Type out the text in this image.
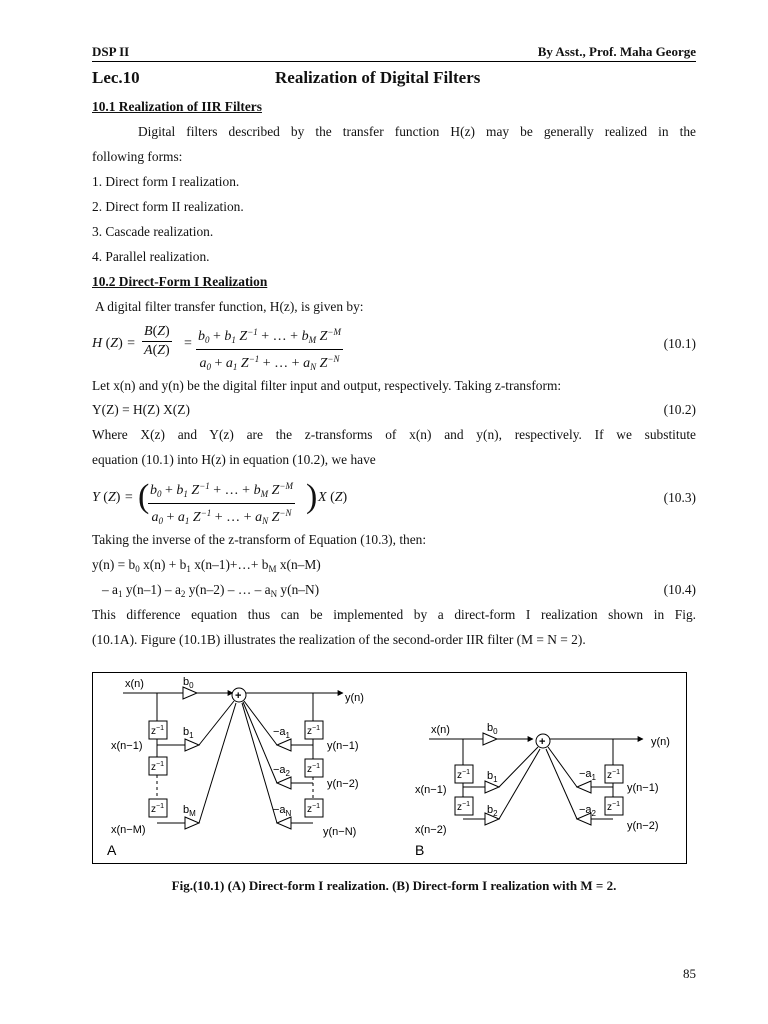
DSP II	By Asst., Prof. Maha George
Lec.10	Realization of Digital Filters
10.1 Realization of IIR Filters
Digital filters described by the transfer function H(z) may be generally realized in the
following forms:
1. Direct form I realization.
2. Direct form II realization.
3. Cascade realization.
4. Parallel realization.
10.2 Direct-Form I Realization
A digital filter transfer function, H(z), is given by:
H $(Z) = \frac{B(Z)}{A(Z)} = \frac{b_0 + b_1 Z^{-1} + \dots + b_M Z^{-M}}{a_0 + a_1 Z^{-1} + \dots + a_N Z^{-N}}$	(10.1)
Let x(n) and y(n) be the digital filter input and output, respectively. Taking z-transform:
Y(Z) = H(Z) X(Z)	(10.2)
Where X(z) and Y(z) are the z-transforms of x(n) and y(n), respectively. If we substitute
equation (10.1) into H(z) in equation (10.2), we have
Y (Z) = (
$\frac{b_0 + b_1 Z^{-1} + \dots + b_M Z^{-M}}{a_0 + a_1 Z^{-1} + \dots + a_N Z^{-N}}$ ) X (Z)	(10.3)
Taking the inverse of the z-transform of Equation (10.3), then:
$y(n) = b_0$ $x(n) + b_1$ x(n–1)+…+ $b_M$ x(n–M)
– $a_1$ $y(n-1) - a_2$ y(n–2) – … – $a_N$ y(n–N)	(10.4)
This difference equation thus can be implemented by a direct-form I realization shown in Fig.
(10.1A). Figure (10.1B) illustrates the realization of the second-order IIR filter (M = N = 2).
+
+
x(n)
y(n)
$b_0$
$b_1$
$b_M$
x(n−1)
x(n−M)
y(n−1)
y(n−2)
y(n−N)
$-a_1$
$-a_2$
$-a_N$
A
x(n)
y(n)
$b_0$
$b_1$
$b_2$
x(n−1)
x(n−2)
y(n−1)
y(n−2)
$-a_1$
$-a_2$
B
$z^{-1}$
$z^{-1}$
$z^{-1}$
$z^{-1}$
$z^{-1}$
$z^{-1}$
$z^{-1}$
$z^{-1}$
$z^{-1}$
$z^{-1}$
Fig.(10.1) (A) Direct-form I realization. (B) Direct-form I realization with M = 2.
85
